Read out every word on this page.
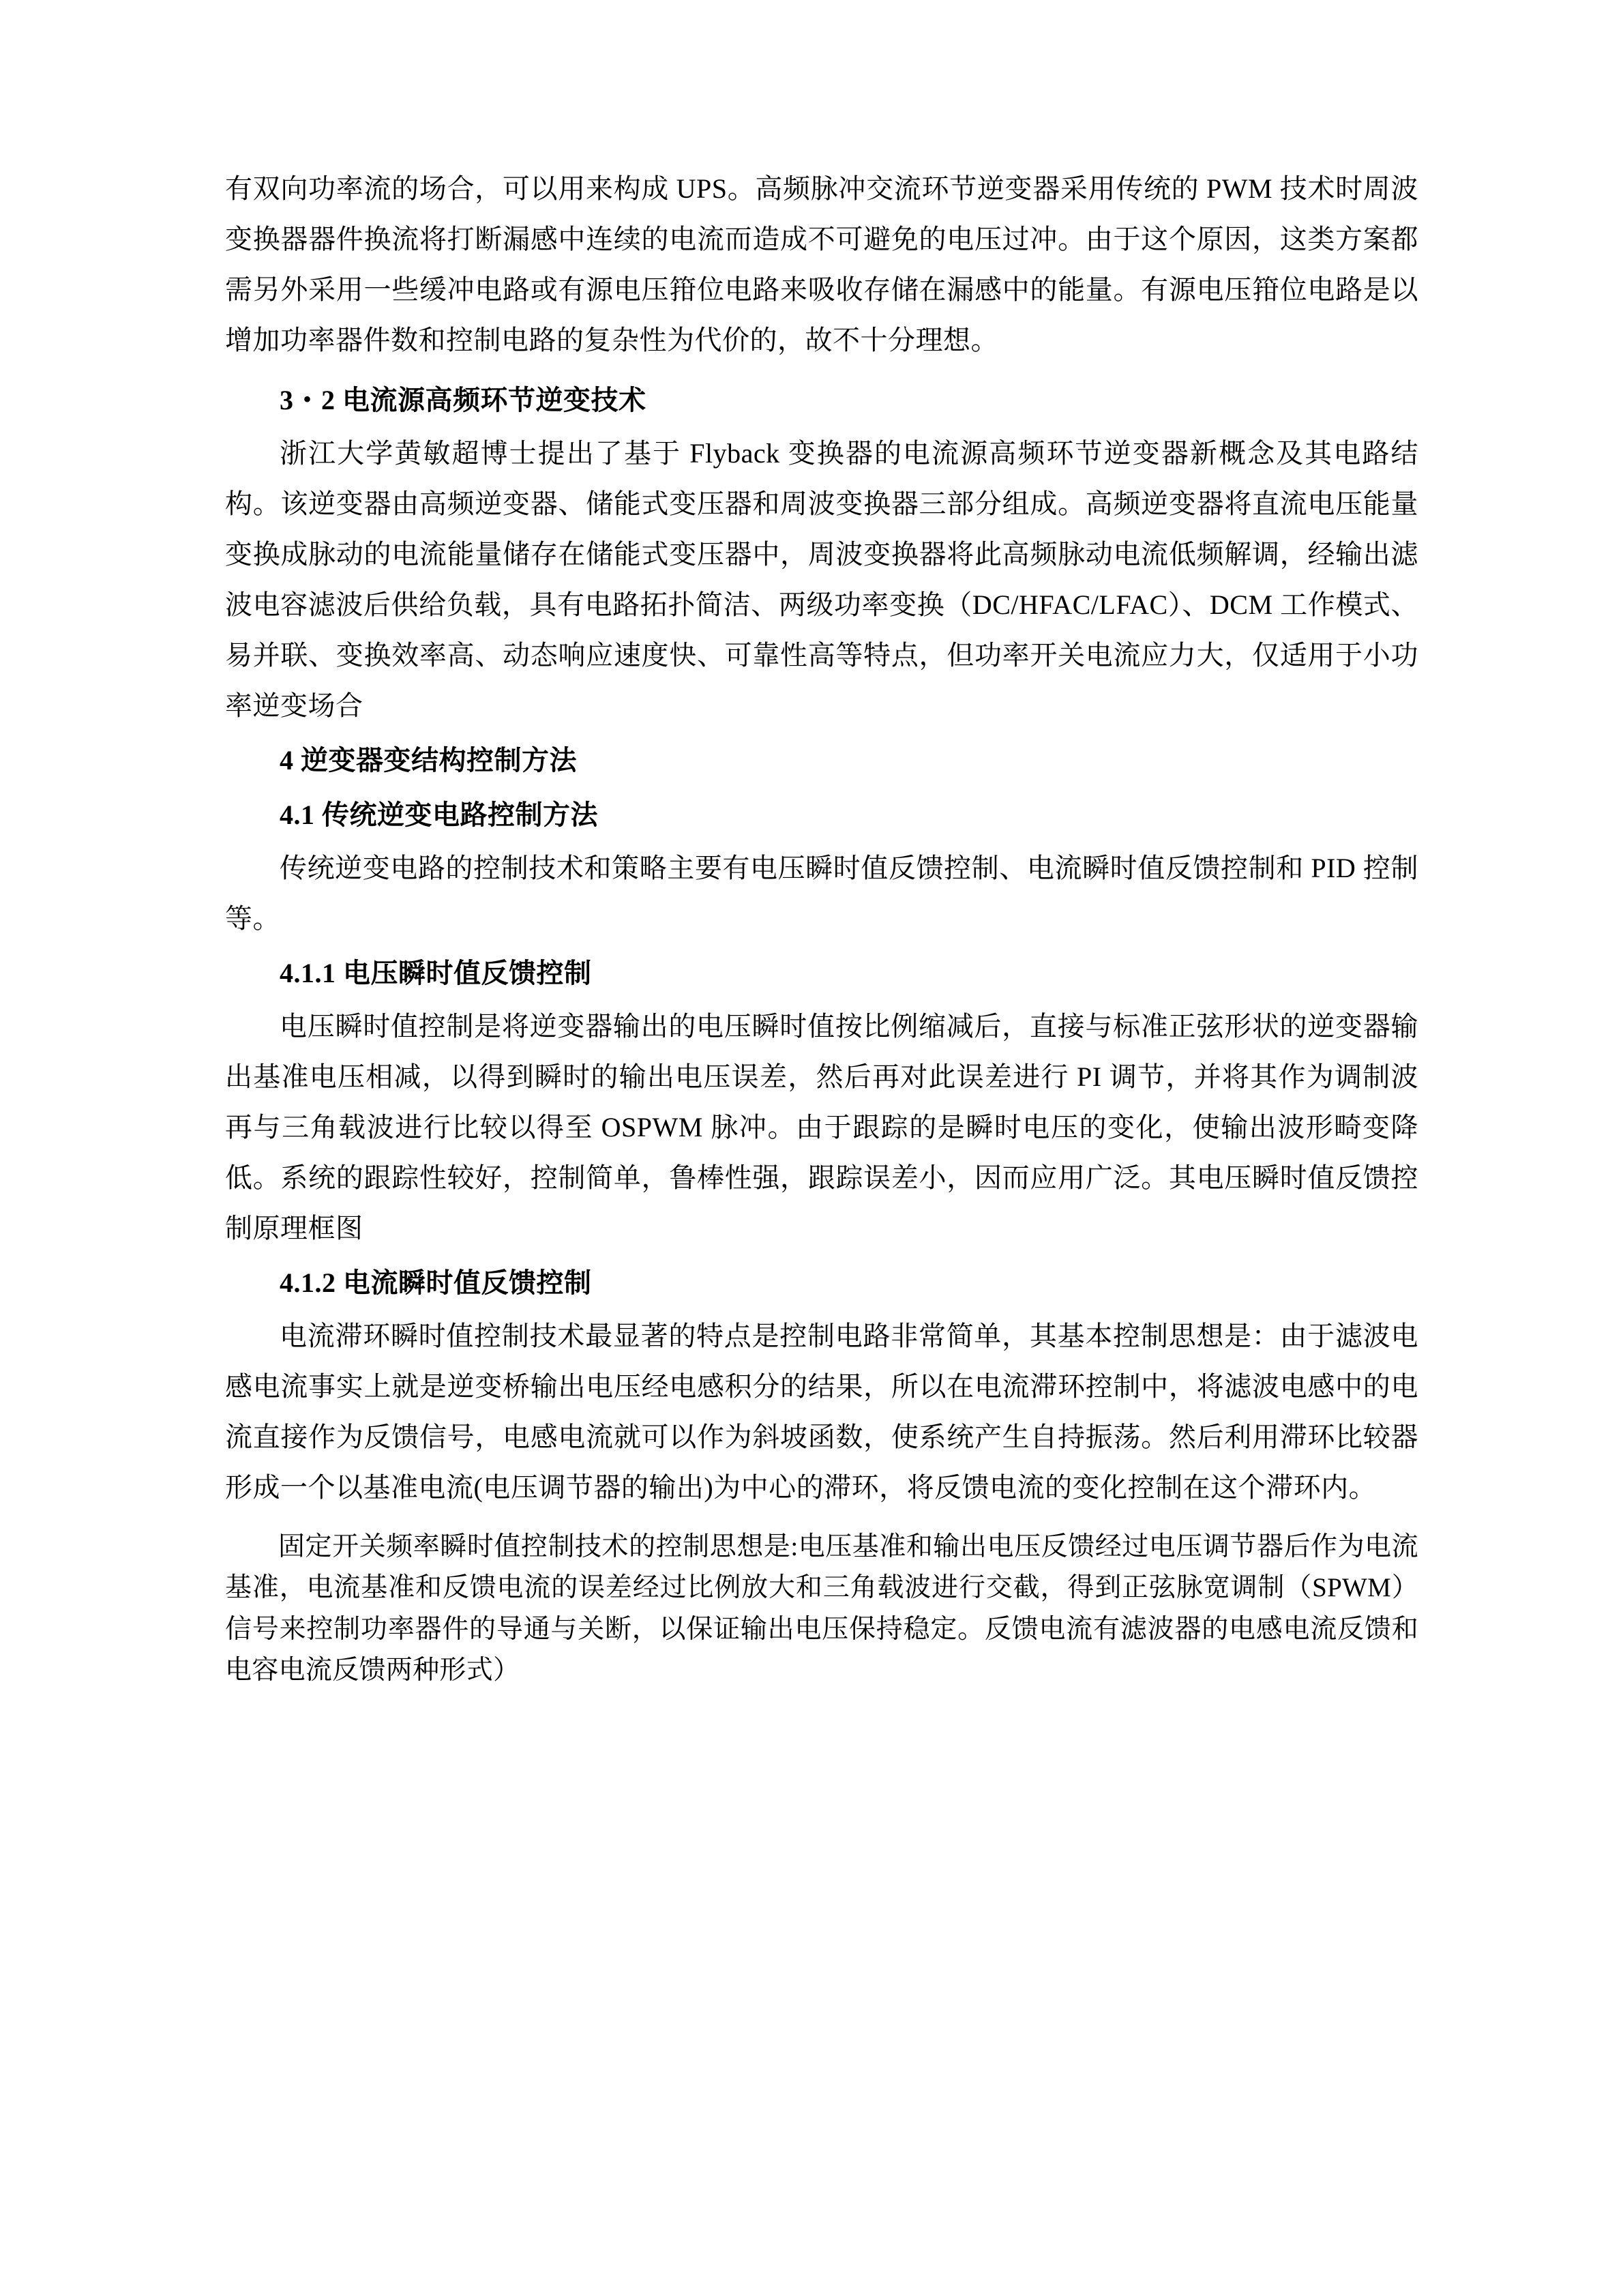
有双向功率流的场合，可以用来构成 UPS。高频脉冲交流环节逆变器采用传统的 PWM 技术时周波变换器器件换流将打断漏感中连续的电流而造成不可避免的电压过冲。由于这个原因，这类方案都需另外采用一些缓冲电路或有源电压箝位电路来吸收存储在漏感中的能量。有源电压箝位电路是以增加功率器件数和控制电路的复杂性为代价的，故不十分理想。

3・2 电流源高频环节逆变技术

浙江大学黄敏超博士提出了基于 Flyback 变换器的电流源高频环节逆变器新概念及其电路结构。该逆变器由高频逆变器、储能式变压器和周波变换器三部分组成。高频逆变器将直流电压能量变换成脉动的电流能量储存在储能式变压器中，周波变换器将此高频脉动电流低频解调，经输出滤波电容滤波后供给负载，具有电路拓扑简洁、两级功率变换（DC/HFAC/LFAC）、DCM 工作模式、易并联、变换效率高、动态响应速度快、可靠性高等特点，但功率开关电流应力大，仅适用于小功率逆变场合

4 逆变器变结构控制方法
4.1 传统逆变电路控制方法

传统逆变电路的控制技术和策略主要有电压瞬时值反馈控制、电流瞬时值反馈控制和 PID 控制等。

4.1.1 电压瞬时值反馈控制

电压瞬时值控制是将逆变器输出的电压瞬时值按比例缩减后，直接与标准正弦形状的逆变器输出基准电压相减，以得到瞬时的输出电压误差，然后再对此误差进行 PI 调节，并将其作为调制波再与三角载波进行比较以得至 OSPWM 脉冲。由于跟踪的是瞬时电压的变化，使输出波形畸变降低。系统的跟踪性较好，控制简单，鲁棒性强，跟踪误差小，因而应用广泛。其电压瞬时值反馈控制原理框图

4.1.2 电流瞬时值反馈控制

电流滞环瞬时值控制技术最显著的特点是控制电路非常简单，其基本控制思想是：由于滤波电感电流事实上就是逆变桥输出电压经电感积分的结果，所以在电流滞环控制中，将滤波电感中的电流直接作为反馈信号，电感电流就可以作为斜坡函数，使系统产生自持振荡。然后利用滞环比较器形成一个以基准电流(电压调节器的输出)为中心的滞环，将反馈电流的变化控制在这个滞环内。

固定开关频率瞬时值控制技术的控制思想是:电压基准和输出电压反馈经过电压调节器后作为电流基准，电流基准和反馈电流的误差经过比例放大和三角载波进行交截，得到正弦脉宽调制（SPWM）信号来控制功率器件的导通与关断，以保证输出电压保持稳定。反馈电流有滤波器的电感电流反馈和电容电流反馈两种形式）
